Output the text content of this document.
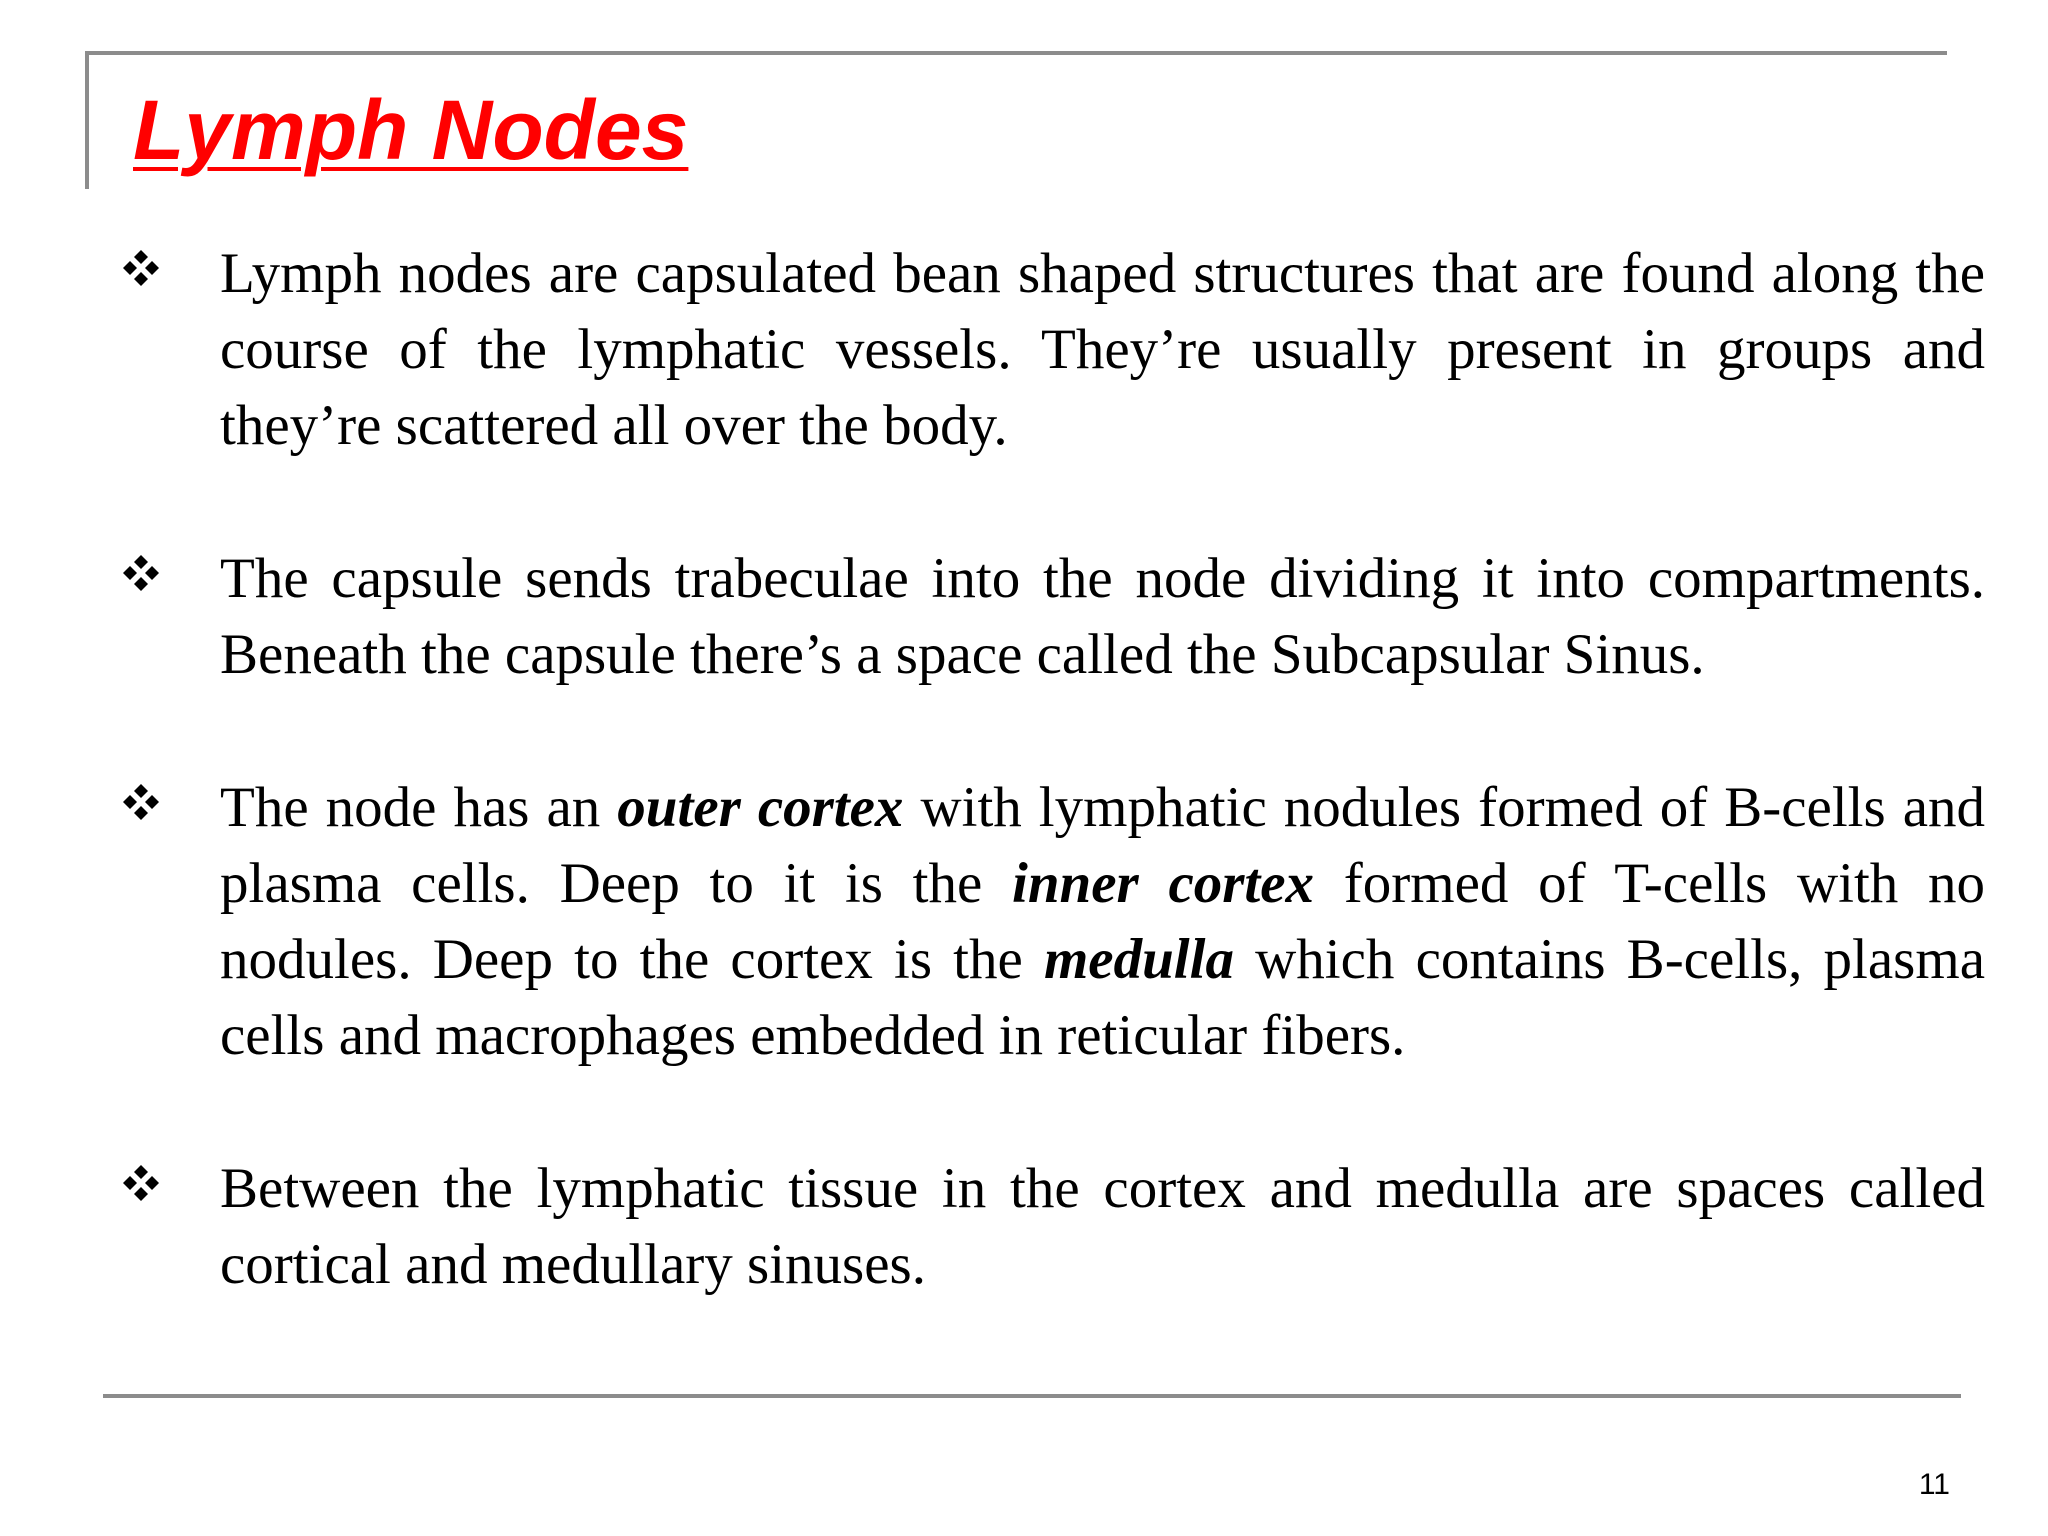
Lymph Nodes
Lymph nodes are capsulated bean shaped structures that are found along the course of the lymphatic vessels. They’re usually present in groups and they’re scattered all over the body.
The capsule sends trabeculae into the node dividing it into compartments. Beneath the capsule there’s a space called the Subcapsular Sinus.
The node has an outer cortex with lymphatic nodules formed of B-cells and plasma cells. Deep to it is the inner cortex formed of T-cells with no nodules. Deep to the cortex is the medulla which contains B-cells, plasma cells and macrophages embedded in reticular fibers.
Between the lymphatic tissue in the cortex and medulla are spaces called cortical and medullary sinuses.
11
